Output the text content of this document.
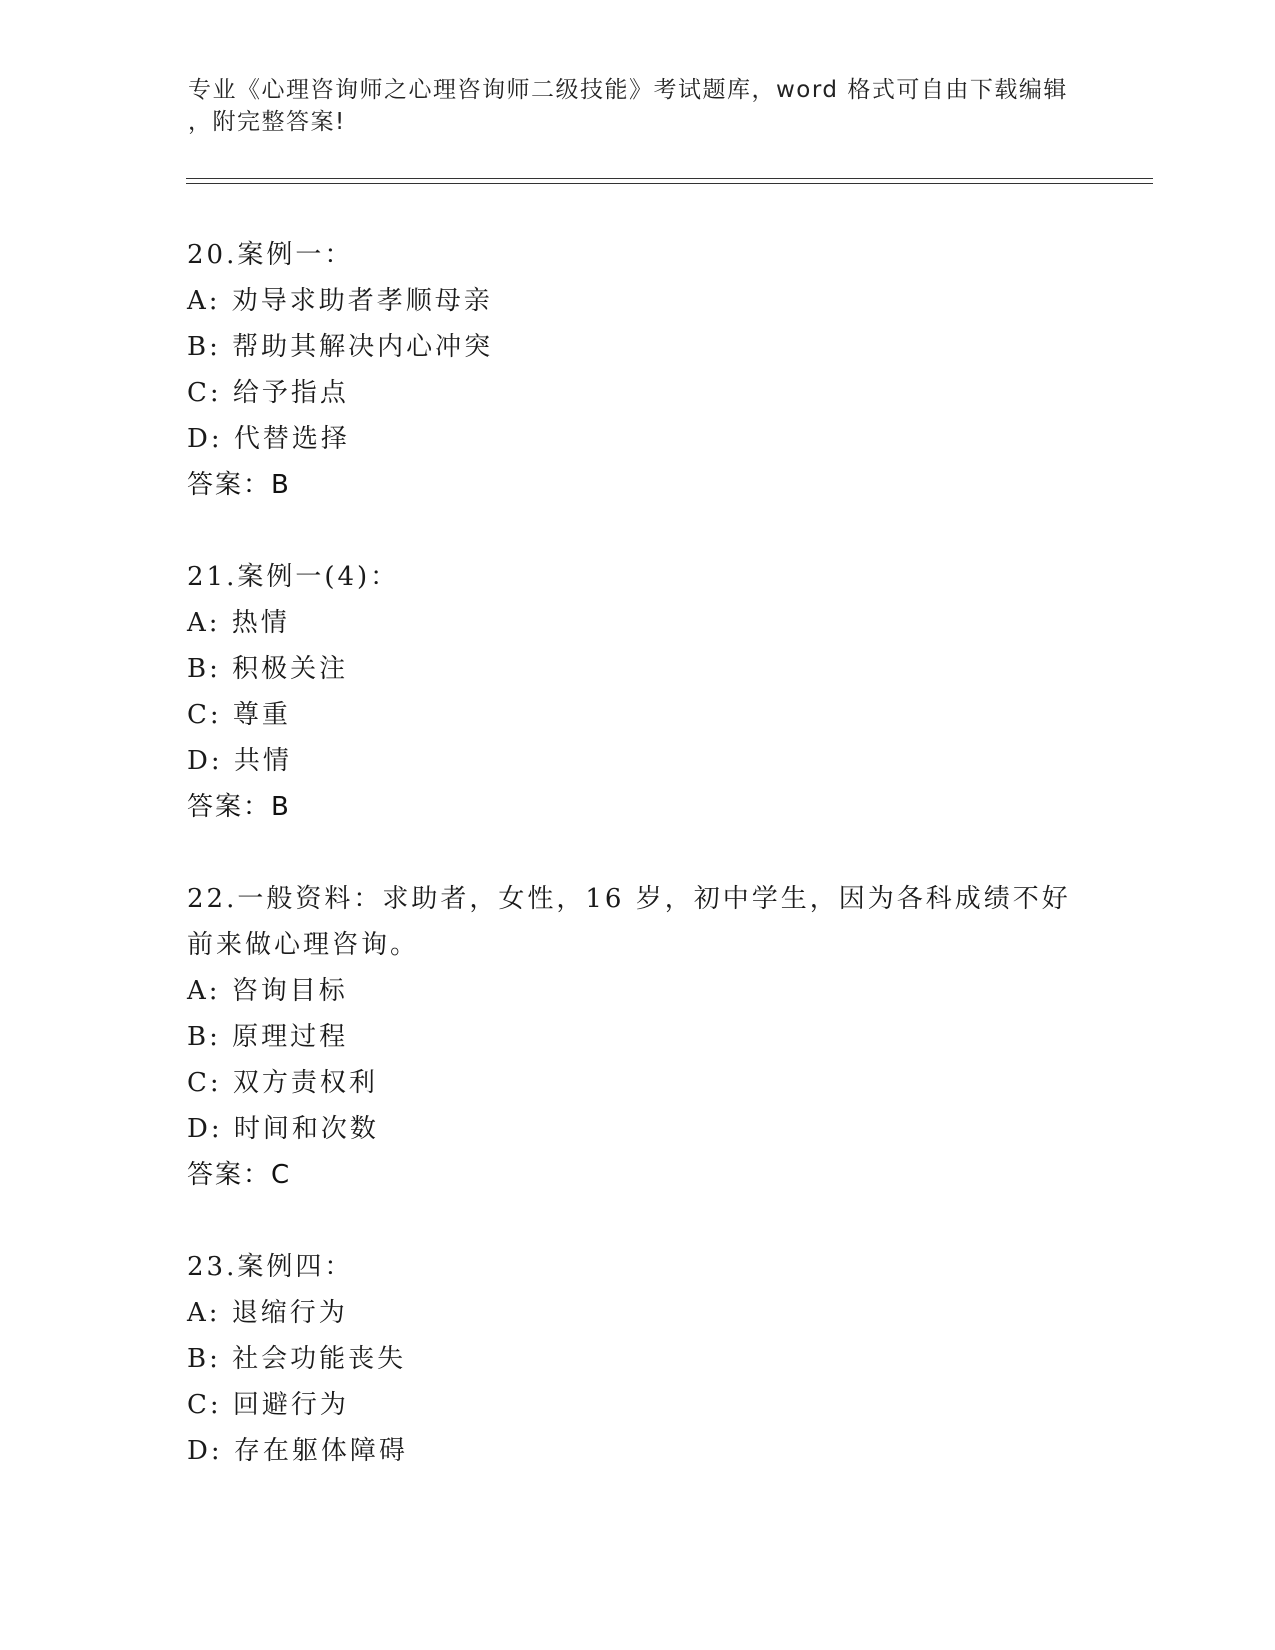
专业《心理咨询师之心理咨询师二级技能》考试题库，word 格式可自由下载编辑
，附完整答案!
20.案例一：
A: 劝导求助者孝顺母亲
B: 帮助其解决内心冲突
C: 给予指点
D: 代替选择
答案：B
21.案例一(4)：
A: 热情
B: 积极关注
C: 尊重
D: 共情
答案：B
22.一般资料：求助者，女性，16 岁，初中学生，因为各科成绩不好前来做心理咨询。
A: 咨询目标
B: 原理过程
C: 双方责权利
D: 时间和次数
答案：C
23.案例四：
A: 退缩行为
B: 社会功能丧失
C: 回避行为
D: 存在躯体障碍
